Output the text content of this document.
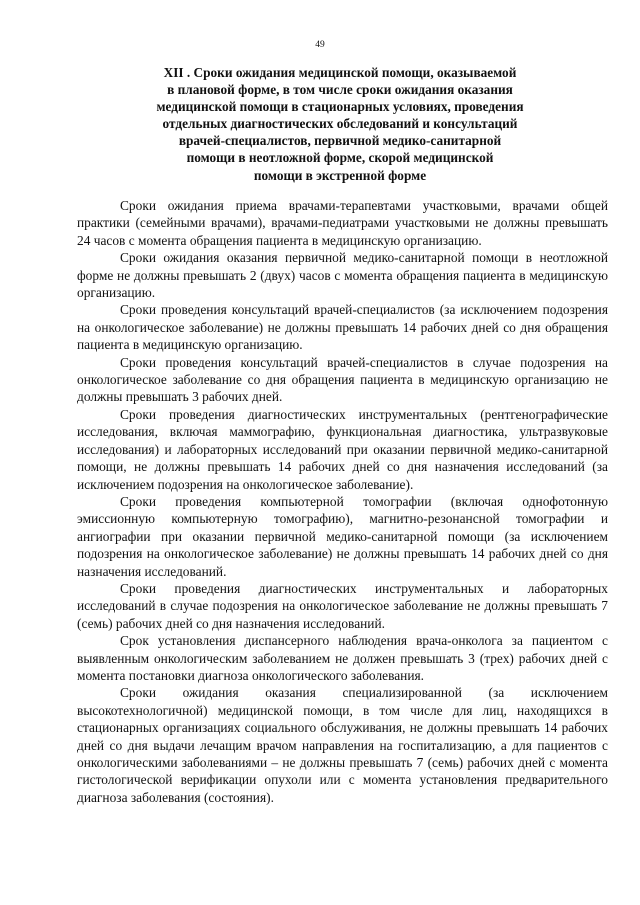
49
XII . Сроки ожидания медицинской помощи, оказываемой
в плановой форме, в том числе сроки ожидания оказания
медицинской помощи в стационарных условиях, проведения
отдельных диагностических обследований и консультаций
врачей-специалистов, первичной медико-санитарной
помощи в неотложной форме, скорой медицинской
помощи в экстренной форме

Сроки ожидания приема врачами-терапевтами участковыми, врачами общей практики (семейными врачами), врачами-педиатрами участковыми не должны превышать 24 часов с момента обращения пациента в медицинскую организацию.

Сроки ожидания оказания первичной медико-санитарной помощи в неотложной форме не должны превышать 2 (двух) часов с момента обращения пациента в медицинскую организацию.

Сроки проведения консультаций врачей-специалистов (за исключением подозрения на онкологическое заболевание) не должны превышать 14 рабочих дней со дня обращения пациента в медицинскую организацию.

Сроки проведения консультаций врачей-специалистов в случае подозрения на онкологическое заболевание со дня обращения пациента в медицинскую организацию не должны превышать 3 рабочих дней.

Сроки проведения диагностических инструментальных (рентгенографические исследования, включая маммографию, функциональная диагностика, ультразвуковые исследования) и лабораторных исследований при оказании первичной медико-санитарной помощи, не должны превышать 14 рабочих дней со дня назначения исследований (за исключением подозрения на онкологическое заболевание).

Сроки проведения компьютерной томографии (включая однофотонную эмиссионную компьютерную томографию), магнитно-резонансной томографии и ангиографии при оказании первичной медико-санитарной помощи (за исключением подозрения на онкологическое заболевание) не должны превышать 14 рабочих дней со дня назначения исследований.

Сроки проведения диагностических инструментальных и лабораторных исследований в случае подозрения на онкологическое заболевание не должны превышать 7 (семь) рабочих дней со дня назначения исследований.

Срок установления диспансерного наблюдения врача-онколога за пациентом с выявленным онкологическим заболеванием не должен превышать 3 (трех) рабочих дней с момента постановки диагноза онкологического заболевания.

Сроки ожидания оказания специализированной (за исключением высокотехнологичной) медицинской помощи, в том числе для лиц, находящихся в стационарных организациях социального обслуживания, не должны превышать 14 рабочих дней со дня выдачи лечащим врачом направления на госпитализацию, а для пациентов с онкологическими заболеваниями – не должны превышать 7 (семь) рабочих дней с момента гистологической верификации опухоли или с момента установления предварительного диагноза заболевания (состояния).
